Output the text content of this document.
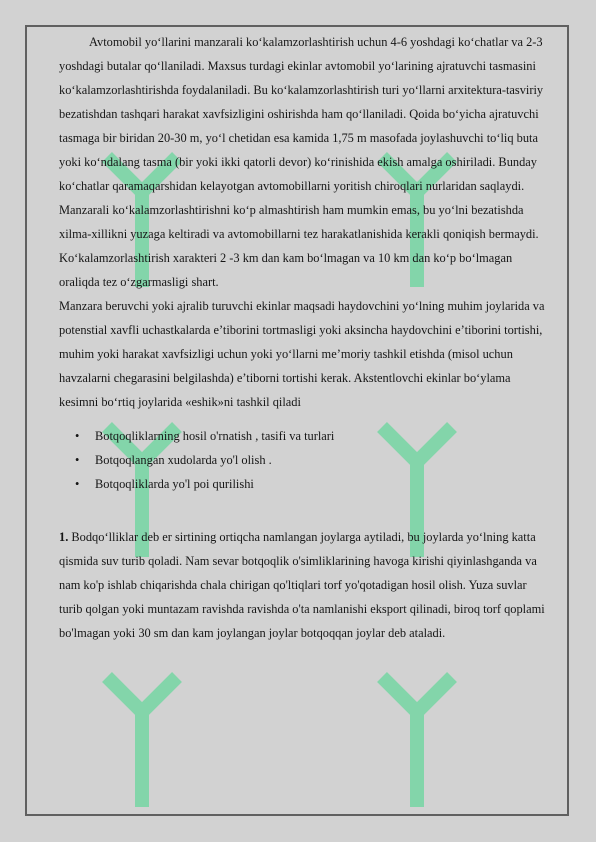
Avtomobil yo‘llarini manzarali ko‘kalamzorlashtirish uchun 4-6 yoshdagi ko‘chatlar va 2-3 yoshdagi butalar qo‘llaniladi. Maxsus turdagi ekinlar avtomobil yo‘larining ajratuvchi tasmasini ko‘kalamzorlashtirishda foydalaniladi. Bu ko‘kalamzorlashtirish turi yo‘llarni arxitektura-tasviriy bezatishdan tashqari harakat xavfsizligini oshirishda ham qo‘llaniladi. Qoida bo‘yicha ajratuvchi tasmaga bir biridan 20-30 m, yo‘l chetidan esa kamida 1,75 m masofada joylashuvchi to‘liq buta yoki ko‘ndalang tasma (bir yoki ikki qatorli devor) ko‘rinishida ekish amalga oshiriladi. Bunday ko‘chatlar qaramaqarshidan kelayotgan avtomobillarni yoritish chiroqlari nurlaridan saqlaydi.

Manzarali ko‘kalamzorlashtirishni ko‘p almashtirish ham mumkin emas, bu yo‘lni bezatishda xilma-xillikni yuzaga keltiradi va avtomobillarni tez harakatlanishida kerakli qoniqish bermaydi. Ko‘kalamzorlashtirish xarakteri 2 -3 km dan kam bo‘lmagan va 10 km dan ko‘p bo‘lmagan oraliqda tez o‘zgarmasligi shart.

Manzara beruvchi yoki ajralib turuvchi ekinlar maqsadi haydovchini yo‘lning muhim joylarida va potenstial xavfli uchastkalarda e’tiborini tortmasligi yoki aksincha haydovchini e’tiborini tortishi, muhim yoki harakat xavfsizligi uchun yoki yo‘llarni me’moriy tashkil etishda (misol uchun havzalarni chegarasini belgilashda) e’tiborni tortishi kerak. Akstentlovchi ekinlar bo‘ylama kesimni bo‘rtiq joylarida «eshik»ni tashkil qiladi

• Botqoqliklarning hosil o'rnatish , tasifi va turlari
• Botqoqlangan xudolarda yo'l olish .
• Botqoqliklarda yo'l poi qurilishi

1. Bodqo‘lliklar deb er sirtining ortiqcha namlangan joylarga aytiladi, bu joylarda yo‘lning katta qismida suv turib qoladi. Nam sevar botqoqlik o'simliklarining havoga kirishi qiyinlashganda va nam ko'p ishlab chiqarishda chala chirigan qo'ltiqlari torf yo'qotadigan hosil olish. Yuza suvlar turib qolgan yoki muntazam ravishda ravishda o'ta namlanishi eksport qilinadi, biroq torf qoplami bo'lmagan yoki 30 sm dan kam joylangan joylar botqoqqan joylar deb ataladi.
